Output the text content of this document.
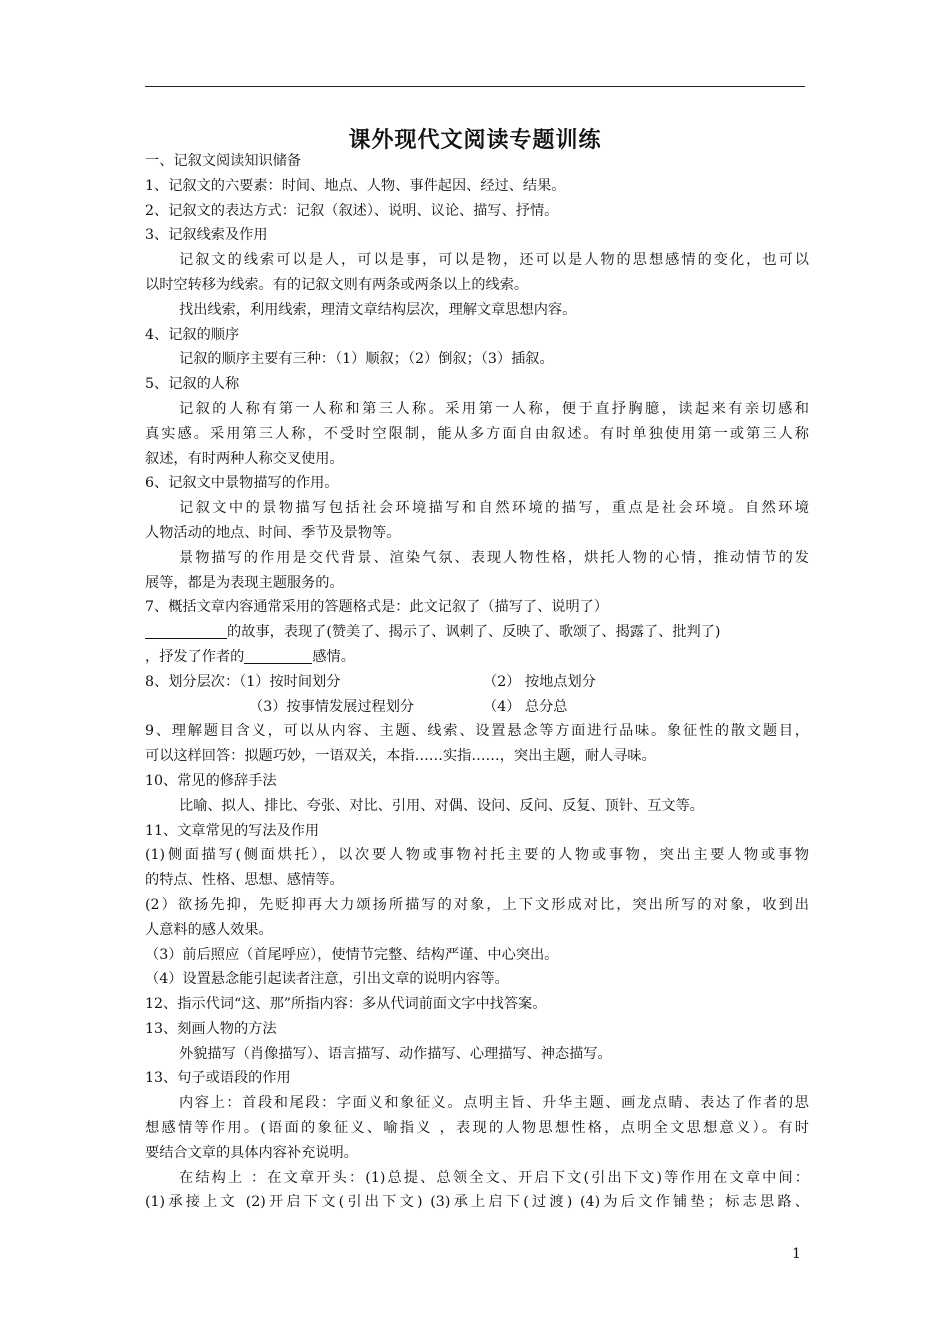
课外现代文阅读专题训练
一、记叙文阅读知识储备
1、记叙文的六要素：时间、地点、人物、事件起因、经过、结果。
2、记叙文的表达方式：记叙（叙述）、说明、议论、描写、抒情。
3、记叙线索及作用
记叙文的线索可以是人，可以是事，可以是物，还可以是人物的思想感情的变化，也可以
以时空转移为线索。有的记叙文则有两条或两条以上的线索。
找出线索，利用线索，理清文章结构层次，理解文章思想内容。
4、记叙的顺序
记叙的顺序主要有三种：（1）顺叙；（2）倒叙；（3）插叙。
5、记叙的人称
记叙的人称有第一人称和第三人称。采用第一人称，便于直抒胸臆，读起来有亲切感和
真实感。采用第三人称，不受时空限制，能从多方面自由叙述。有时单独使用第一或第三人称
叙述，有时两种人称交叉使用。
6、记叙文中景物描写的作用。
记叙文中的景物描写包括社会环境描写和自然环境的描写，重点是社会环境。自然环境
人物活动的地点、时间、季节及景物等。
景物描写的作用是交代背景、渲染气氛、表现人物性格，烘托人物的心情，推动情节的发
展等，都是为表现主题服务的。
7、概括文章内容通常采用的答题格式是：此文记叙了（描写了、说明了）
的故事，表现了(赞美了、揭示了、讽刺了、反映了、歌颂了、揭露了、批判了)
，抒发了作者的	感情。
8、划分层次：（1）按时间划分	（2） 按地点划分
（3）按事情发展过程划分	（4） 总分总
9、理解题目含义，可以从内容、主题、线索、设置悬念等方面进行品味。象征性的散文题目，
可以这样回答：拟题巧妙，一语双关，本指……实指……，突出主题，耐人寻味。
10、常见的修辞手法
比喻、拟人、排比、夸张、对比、引用、对偶、设问、反问、反复、顶针、互文等。
11、文章常见的写法及作用
(1)侧面描写(侧面烘托），以次要人物或事物衬托主要的人物或事物，突出主要人物或事物
的特点、性格、思想、感情等。
(2）欲扬先抑，先贬抑再大力颂扬所描写的对象，上下文形成对比，突出所写的对象，收到出
人意料的感人效果。
（3）前后照应（首尾呼应），使情节完整、结构严谨、中心突出。
（4）设置悬念能引起读者注意，引出文章的说明内容等。
12、指示代词“这、那”所指内容：多从代词前面文字中找答案。
13、刻画人物的方法
外貌描写（肖像描写）、语言描写、动作描写、心理描写、神态描写。
13、句子或语段的作用
内容上：首段和尾段：字面义和象征义。点明主旨、升华主题、画龙点睛、表达了作者的思
想感情等作用。(语面的象征义、喻指义 ，表现的人物思想性格，点明全文思想意义）。有时
要结合文章的具体内容补充说明。
在结构上 ：在文章开头：(1)总提、总领全文、开启下文(引出下文)等作用在文章中间：
(1)承接上文 (2)开启下文(引出下文) (3)承上启下(过渡) (4)为后文作铺垫；标志思路、
1
